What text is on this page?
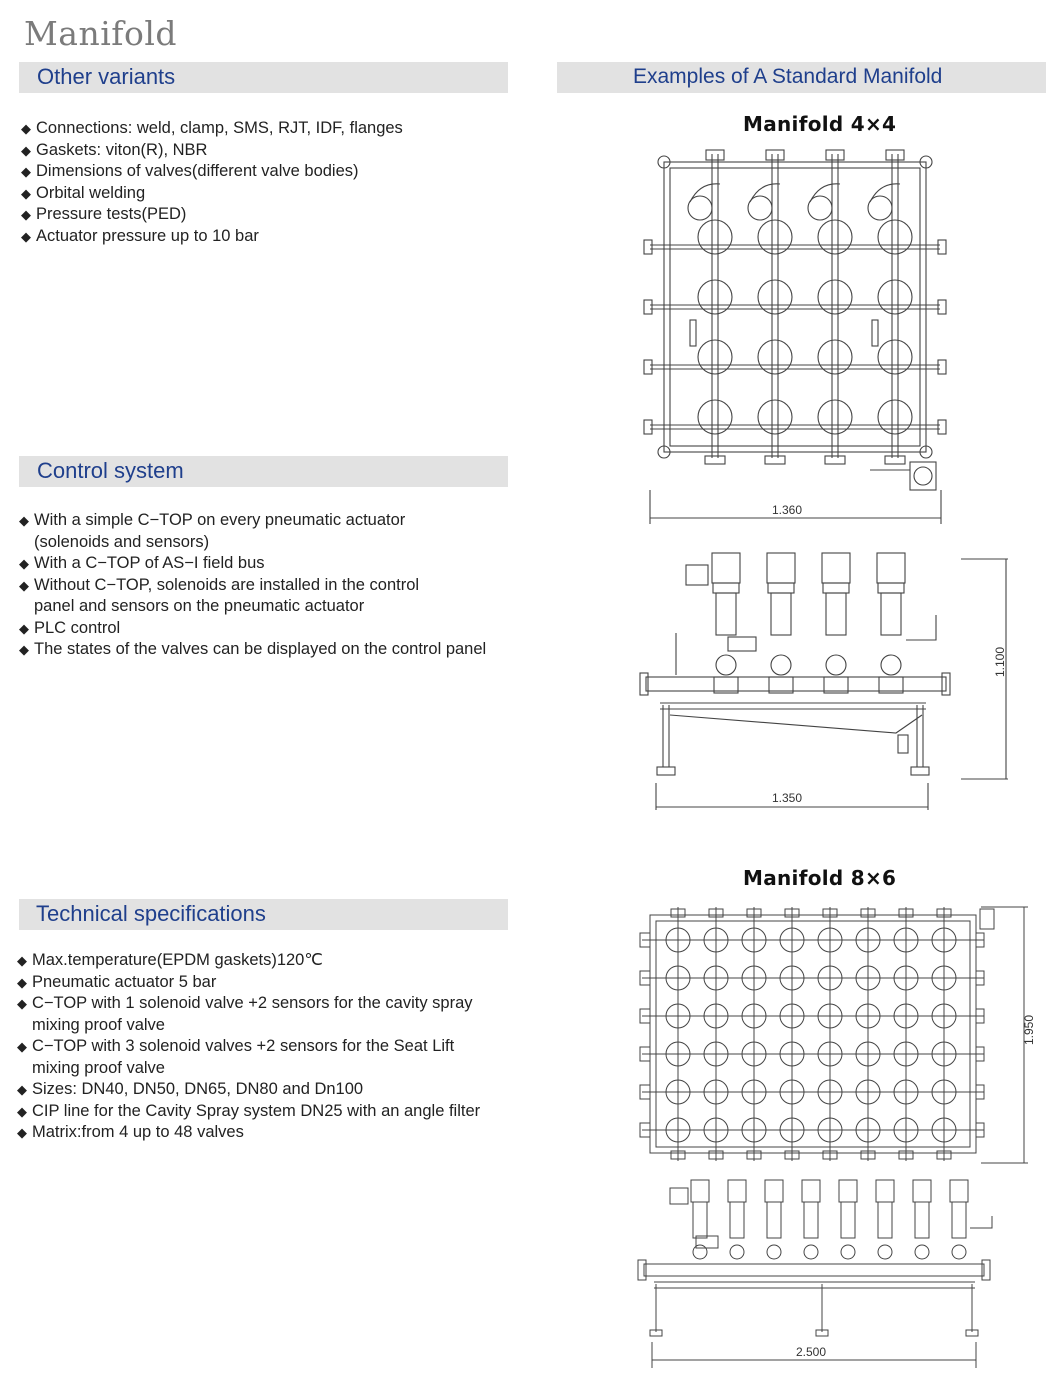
Manifold
Other variants
◆ Connections: weld, clamp, SMS, RJT, IDF, flanges
◆ Gaskets: viton(R), NBR
◆ Dimensions of valves(different valve bodies)
◆ Orbital welding
◆ Pressure tests(PED)
◆ Actuator pressure up to 10 bar
Control system
◆ With a simple C−TOP on every pneumatic actuator
(solenoids and sensors)
◆ With a C−TOP of AS−I field bus
◆ Without C−TOP, solenoids are installed in the control
panel and sensors on the pneumatic actuator
◆ PLC control
◆ The states of the valves can be displayed on the control panel
Technical specifications
◆ Max.temperature(EPDM gaskets)120℃
◆ Pneumatic actuator 5 bar
◆ C−TOP with 1 solenoid valve +2 sensors for the cavity spray
mixing proof valve
◆ C−TOP with 3 solenoid valves +2 sensors for the Seat Lift
mixing proof valve
◆ Sizes: DN40, DN50, DN65, DN80 and Dn100
◆ CIP line for the Cavity Spray system DN25 with an angle filter
◆ Matrix:from 4 up to 48 valves
Examples of A Standard Manifold
Manifold 4×4
1.360
1.100
1.350
Manifold 8×6
1.950
2.500
